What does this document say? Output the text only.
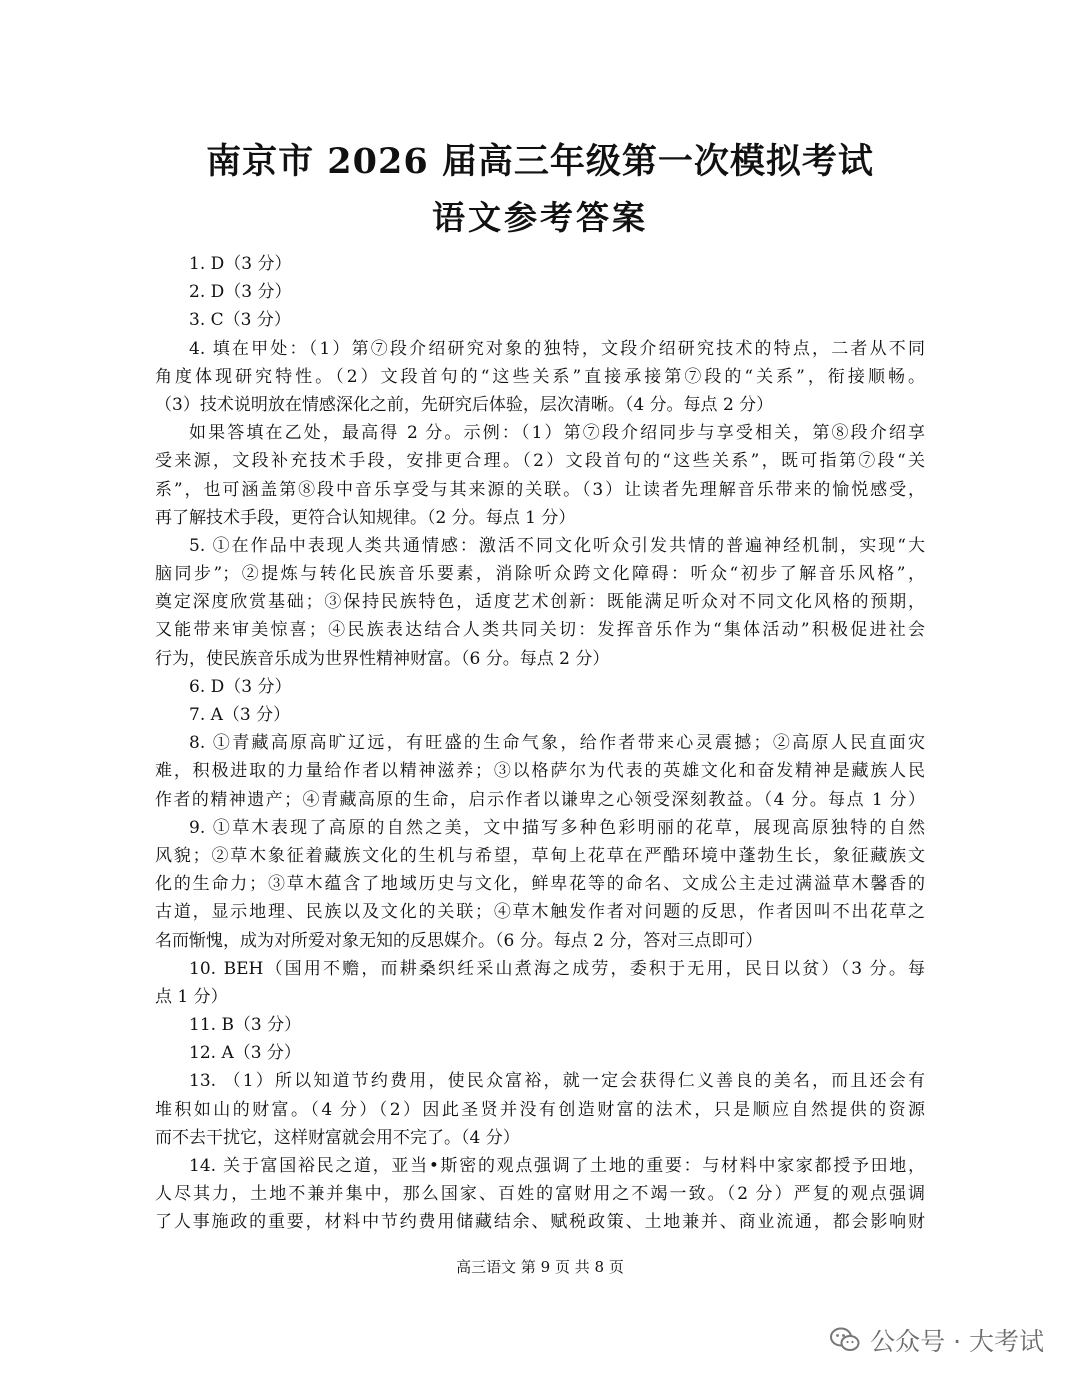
南京市 2026 届高三年级第一次模拟考试
语文参考答案
1. D（3 分）
2. D（3 分）
3. C（3 分）
4. 填在甲处：（1）第⑦段介绍研究对象的独特，文段介绍研究技术的特点，二者从不同
角度体现研究特性。（2）文段首句的“这些关系”直接承接第⑦段的“关系”，衔接顺畅。
（3）技术说明放在情感深化之前，先研究后体验，层次清晰。（4 分。每点 2 分）
如果答填在乙处，最高得 2 分。示例：（1）第⑦段介绍同步与享受相关，第⑧段介绍享
受来源，文段补充技术手段，安排更合理。（2）文段首句的“这些关系”，既可指第⑦段“关
系”，也可涵盖第⑧段中音乐享受与其来源的关联。（3）让读者先理解音乐带来的愉悦感受，
再了解技术手段，更符合认知规律。（2 分。每点 1 分）
5. ①在作品中表现人类共通情感：激活不同文化听众引发共情的普遍神经机制，实现“大
脑同步”；②提炼与转化民族音乐要素，消除听众跨文化障碍：听众“初步了解音乐风格”，
奠定深度欣赏基础；③保持民族特色，适度艺术创新：既能满足听众对不同文化风格的预期，
又能带来审美惊喜；④民族表达结合人类共同关切：发挥音乐作为“集体活动”积极促进社会
行为，使民族音乐成为世界性精神财富。（6 分。每点 2 分）
6. D（3 分）
7. A（3 分）
8. ①青藏高原高旷辽远，有旺盛的生命气象，给作者带来心灵震撼；②高原人民直面灾
难，积极进取的力量给作者以精神滋养；③以格萨尔为代表的英雄文化和奋发精神是藏族人民
作者的精神遗产；④青藏高原的生命，启示作者以谦卑之心领受深刻教益。（4 分。每点 1 分）
9. ①草木表现了高原的自然之美，文中描写多种色彩明丽的花草，展现高原独特的自然
风貌；②草木象征着藏族文化的生机与希望，草甸上花草在严酷环境中蓬勃生长，象征藏族文
化的生命力；③草木蕴含了地域历史与文化，鲜卑花等的命名、文成公主走过满溢草木馨香的
古道，显示地理、民族以及文化的关联；④草木触发作者对问题的反思，作者因叫不出花草之
名而惭愧，成为对所爱对象无知的反思媒介。（6 分。每点 2 分，答对三点即可）
10. BEH（国用不赡，而耕桑织纴采山煮海之成劳，委积于无用，民日以贫）（3 分。每
点 1 分）
11. B（3 分）
12. A（3 分）
13. （1）所以知道节约费用，使民众富裕，就一定会获得仁义善良的美名，而且还会有
堆积如山的财富。（4 分）（2）因此圣贤并没有创造财富的法术，只是顺应自然提供的资源
而不去干扰它，这样财富就会用不完了。（4 分）
14. 关于富国裕民之道，亚当•斯密的观点强调了土地的重要：与材料中家家都授予田地，
人尽其力，土地不兼并集中，那么国家、百姓的富财用之不竭一致。（2 分）严复的观点强调
了人事施政的重要，材料中节约费用储藏结余、赋税政策、土地兼并、商业流通，都会影响财
高三语文 第 9 页 共 8 页
公众号 · 大考试
